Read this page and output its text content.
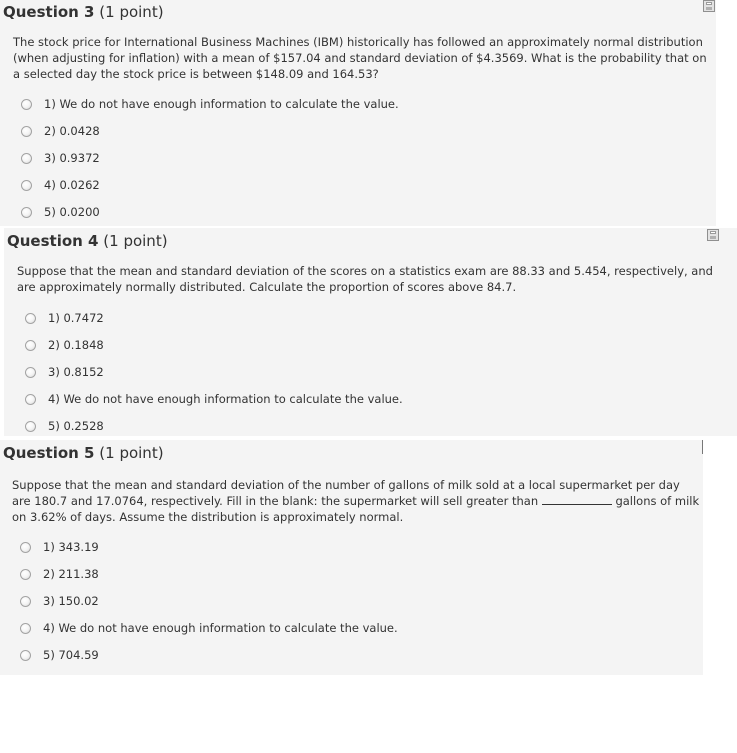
Question 3 (1 point)
The stock price for International Business Machines (IBM) historically has followed an approximately normal distribution (when adjusting for inflation) with a mean of $157.04 and standard deviation of $4.3569. What is the probability that on a selected day the stock price is between $148.09 and 164.53?
1) We do not have enough information to calculate the value.
2) 0.0428
3) 0.9372
4) 0.0262
5) 0.0200
Question 4 (1 point)
Suppose that the mean and standard deviation of the scores on a statistics exam are 88.33 and 5.454, respectively, and are approximately normally distributed. Calculate the proportion of scores above 84.7.
1) 0.7472
2) 0.1848
3) 0.8152
4) We do not have enough information to calculate the value.
5) 0.2528
Question 5 (1 point)
Suppose that the mean and standard deviation of the number of gallons of milk sold at a local supermarket per day are 180.7 and 17.0764, respectively. Fill in the blank: the supermarket will sell greater than	gallons of milk on 3.62% of days. Assume the distribution is approximately normal.
1) 343.19
2) 211.38
3) 150.02
4) We do not have enough information to calculate the value.
5) 704.59
